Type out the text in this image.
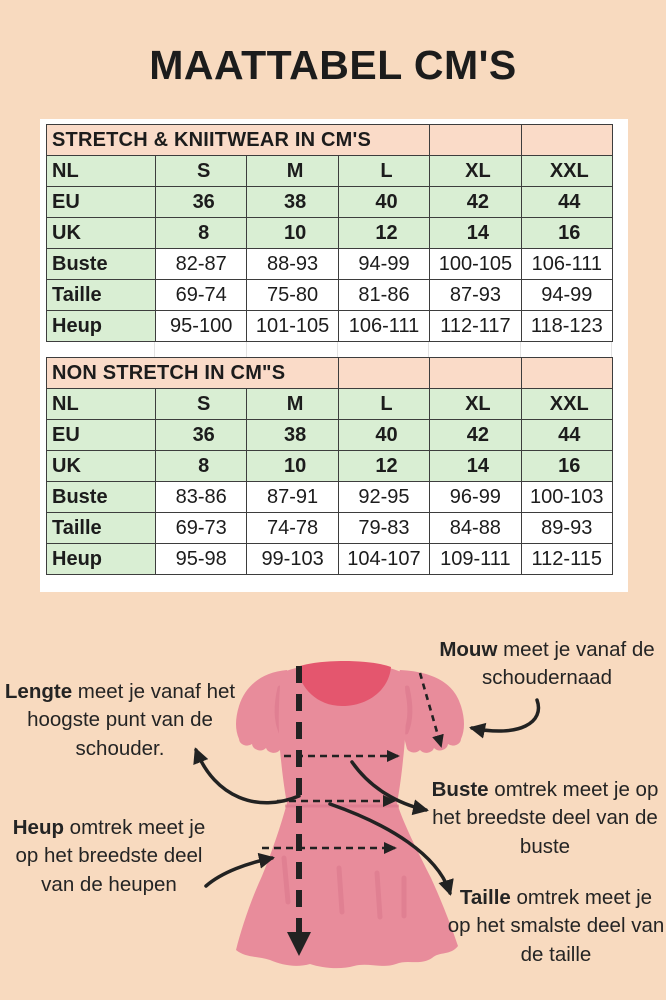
MAATTABEL CM'S
STRETCH & KNIITWEAR IN CM'S					
NL	S	M	L	XL	XXL
EU	36	38	40	42	44
UK	8	10	12	14	16
Buste	82-87	88-93	94-99	100-105	106-111
Taille	69-74	75-80	81-86	87-93	94-99
Heup	95-100	101-105	106-111	112-117	118-123
NON STRETCH IN CM"S					
NL	S	M	L	XL	XXL
EU	36	38	40	42	44
UK	8	10	12	14	16
Buste	83-86	87-91	92-95	96-99	100-103
Taille	69-73	74-78	79-83	84-88	89-93
Heup	95-98	99-103	104-107	109-111	112-115
Lengte meet je vanaf het hoogste punt van de schouder.
Mouw meet je vanaf de schoudernaad
Buste omtrek meet je op het breedste deel van de buste
Taille omtrek meet je op het smalste deel van de taille
Heup omtrek meet je op het breedste deel van de heupen
